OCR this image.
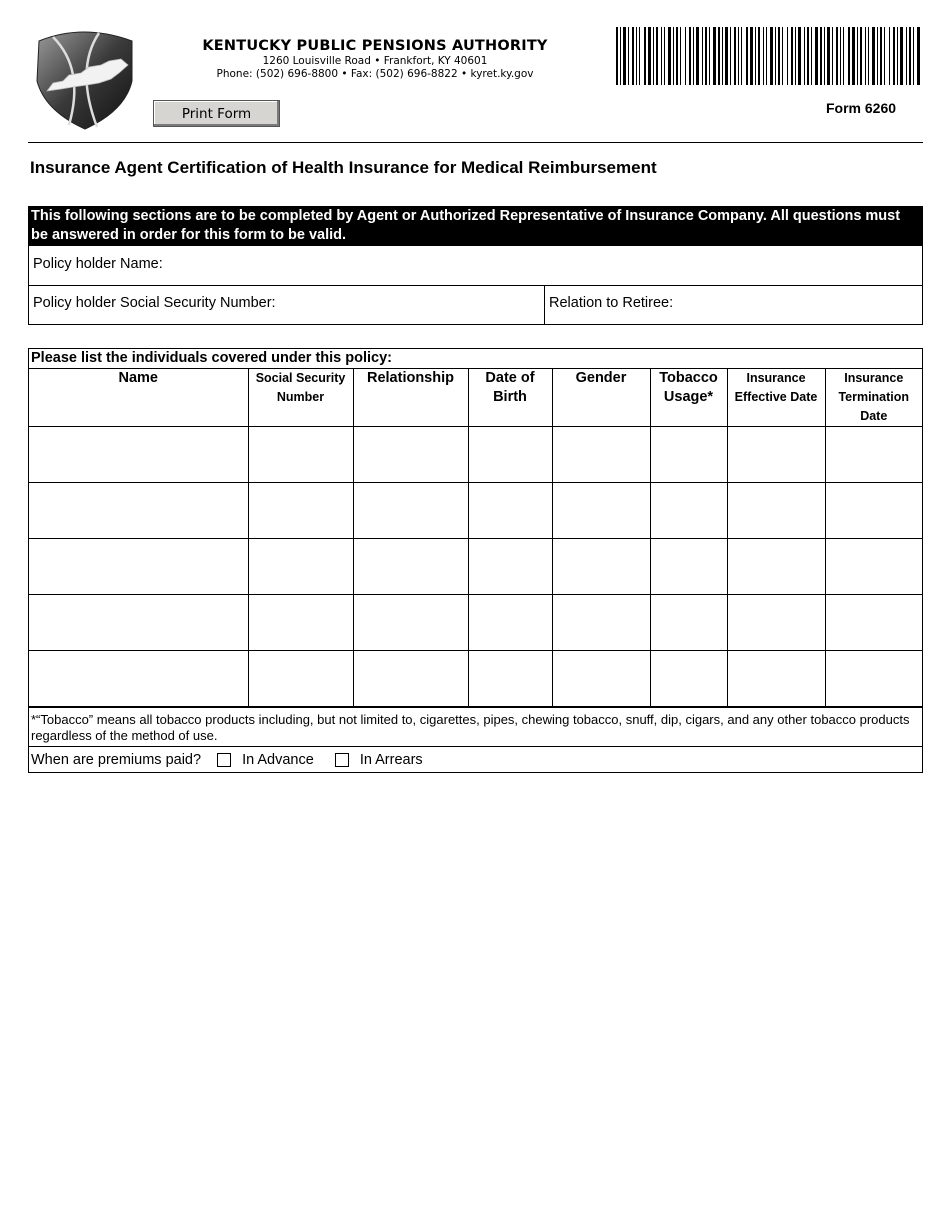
KENTUCKY PUBLIC PENSIONS AUTHORITY
1260 Louisville Road • Frankfort, KY 40601
Phone: (502) 696-8800 • Fax: (502) 696-8822 • kyret.ky.gov
Print Form	Form 6260
Insurance Agent Certification of Health Insurance for Medical Reimbursement
This following sections are to be completed by Agent or Authorized Representative of Insurance Company. All questions must be answered in order for this form to be valid.
Policy holder Name:
Policy holder Social Security Number:	Relation to Retiree:
Please list the individuals covered under this policy:
Name	Social Security Number	Relationship	Date of Birth	Gender	Tobacco Usage*	Insurance Effective Date	Insurance Termination Date

*“Tobacco” means all tobacco products including, but not limited to, cigarettes, pipes, chewing tobacco, snuff, dip, cigars, and any other tobacco products regardless of the method of use.
When are premiums paid?	In Advance	In Arrears
